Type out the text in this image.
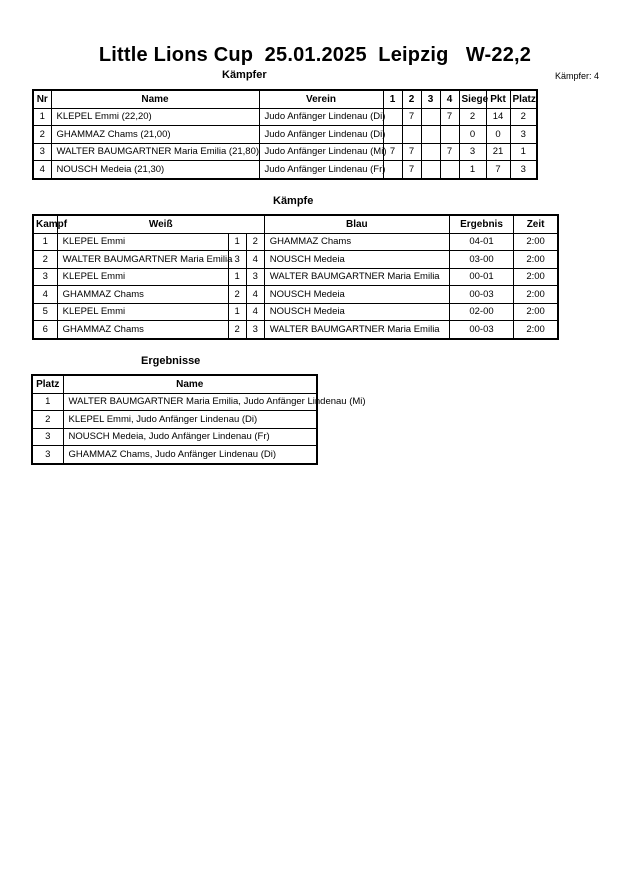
Little Lions Cup  25.01.2025  Leipzig   W-22,2
Kämpfer	Kämpfer: 4
Nr	Name	Verein	1	2	3	4	Siege	Pkt	Platz
1	KLEPEL Emmi (22,20)	Judo Anfänger Lindenau (Di)		7		7	2	14	2
2	GHAMMAZ Chams (21,00)	Judo Anfänger Lindenau (Di)					0	0	3
3	WALTER BAUMGARTNER Maria Emilia (21,80)	Judo Anfänger Lindenau (Mi)	7	7		7	3	21	1
4	NOUSCH Medeia (21,30)	Judo Anfänger Lindenau (Fr)		7			1	7	3
Kämpfe
Kampf	Weiß			Blau	Ergebnis	Zeit
1	KLEPEL Emmi	1	2	GHAMMAZ Chams	04-01	2:00
2	WALTER BAUMGARTNER Maria Emilia	3	4	NOUSCH Medeia	03-00	2:00
3	KLEPEL Emmi	1	3	WALTER BAUMGARTNER Maria Emilia	00-01	2:00
4	GHAMMAZ Chams	2	4	NOUSCH Medeia	00-03	2:00
5	KLEPEL Emmi	1	4	NOUSCH Medeia	02-00	2:00
6	GHAMMAZ Chams	2	3	WALTER BAUMGARTNER Maria Emilia	00-03	2:00
Ergebnisse
Platz	Name
1	WALTER BAUMGARTNER Maria Emilia, Judo Anfänger Lindenau (Mi)
2	KLEPEL Emmi, Judo Anfänger Lindenau (Di)
3	NOUSCH Medeia, Judo Anfänger Lindenau (Fr)
3	GHAMMAZ Chams, Judo Anfänger Lindenau (Di)
